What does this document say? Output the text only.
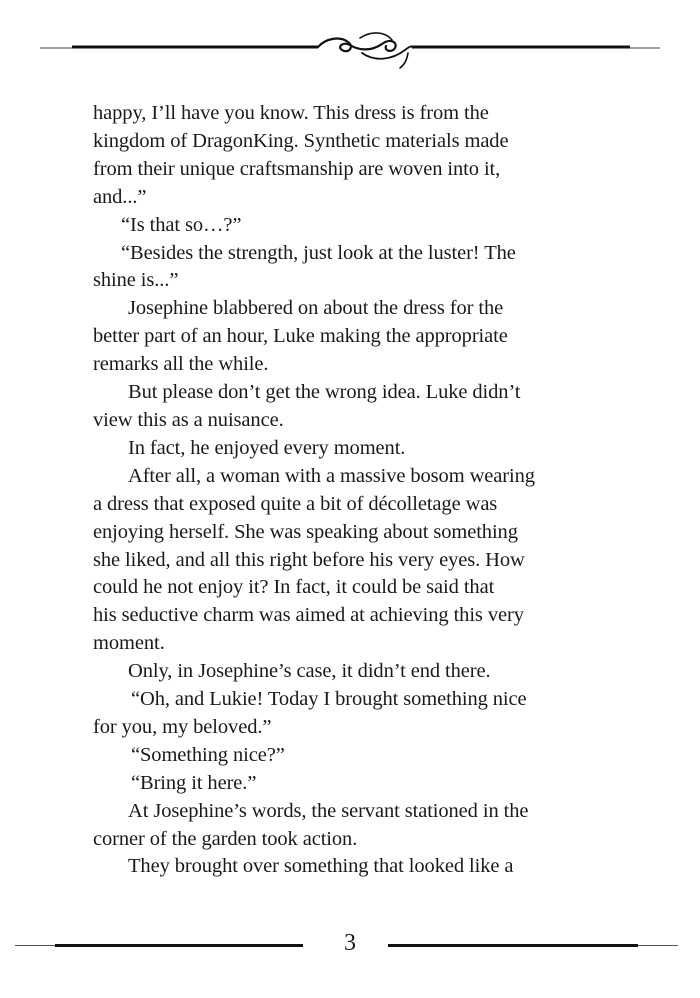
happy, I’ll have you know. This dress is from the
kingdom of DragonKing. Synthetic materials made
from their unique craftsmanship are woven into it,
and...”

“Is that so…?”

“Besides the strength, just look at the luster! The
shine is...”

Josephine blabbered on about the dress for the
better part of an hour, Luke making the appropriate
remarks all the while.

But please don’t get the wrong idea. Luke didn’t
view this as a nuisance.

In fact, he enjoyed every moment.

After all, a woman with a massive bosom wearing
a dress that exposed quite a bit of décolletage was
enjoying herself. She was speaking about something
she liked, and all this right before his very eyes. How
could he not enjoy it? In fact, it could be said that
his seductive charm was aimed at achieving this very
moment.

Only, in Josephine’s case, it didn’t end there.

“Oh, and Lukie! Today I brought something nice
for you, my beloved.”

“Something nice?”

“Bring it here.”

At Josephine’s words, the servant stationed in the
corner of the garden took action.

They brought over something that looked like a

3
